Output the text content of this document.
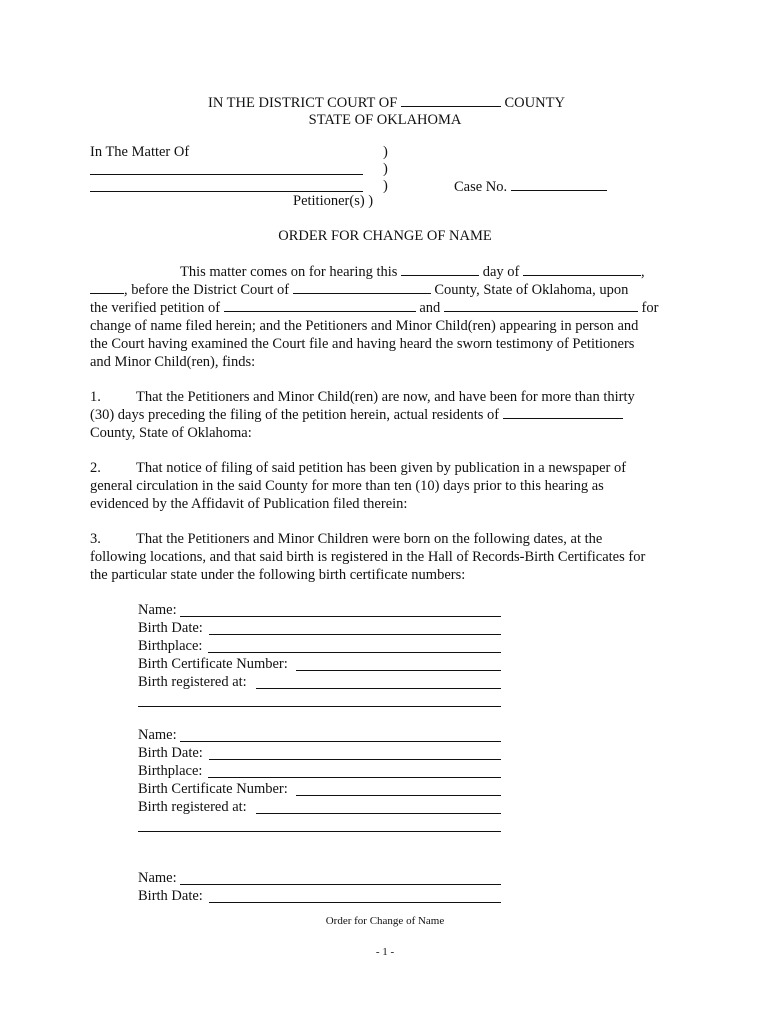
IN THE DISTRICT COURT OF	COUNTY
STATE OF OKLAHOMA
In The Matter Of	)
)
)	Case No.
Petitioner(s) )
ORDER FOR CHANGE OF NAME
This matter comes on for hearing this	day of	,
, before the District Court of	County, State of Oklahoma, upon
the verified petition of	and	for
change of name filed herein; and the Petitioners and Minor Child(ren) appearing in person and
the Court having examined the Court file and having heard the sworn testimony of Petitioners
and Minor Child(ren), finds:
1. That the Petitioners and Minor Child(ren) are now, and have been for more than thirty
(30) days preceding the filing of the petition herein, actual residents of
County, State of Oklahoma:
2. That notice of filing of said petition has been given by publication in a newspaper of
general circulation in the said County for more than ten (10) days prior to this hearing as
evidenced by the Affidavit of Publication filed therein:
3. That the Petitioners and Minor Children were born on the following dates, at the
following locations, and that said birth is registered in the Hall of Records-Birth Certificates for
the particular state under the following birth certificate numbers:
Name:
Birth Date:
Birthplace:
Birth Certificate Number:
Birth registered at:
Name:
Birth Date:
Birthplace:
Birth Certificate Number:
Birth registered at:
Name:
Birth Date:
Order for Change of Name
- 1 -
